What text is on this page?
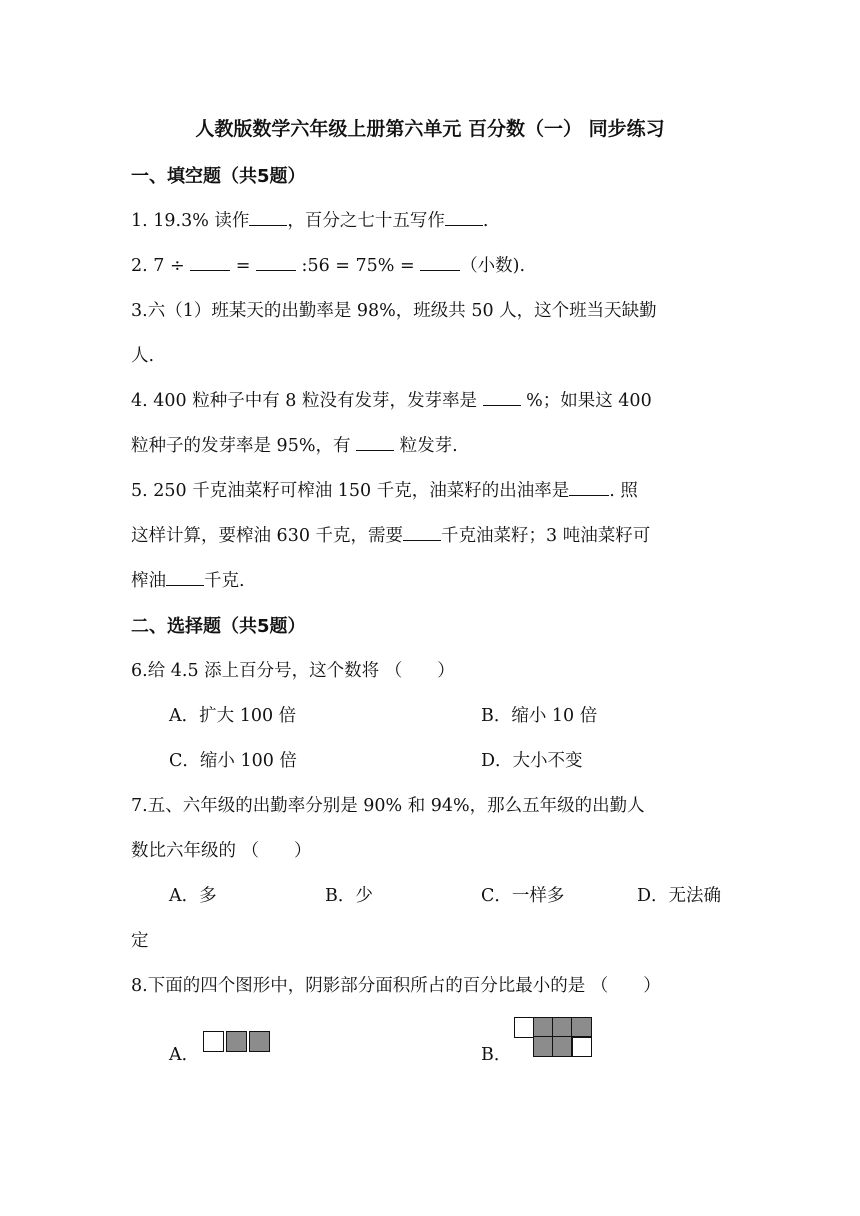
人教版数学六年级上册第六单元 百分数（一） 同步练习
一、填空题（共5题）
1. 19.3% 读作 ，百分之七十五写作 .
2. 7 ÷  =  :56 = 75% = （小数).
3.六（1）班某天的出勤率是 98%，班级共 50 人，这个班当天缺勤
人.
4. 400 粒种子中有 8 粒没有发芽，发芽率是  %；如果这 400
粒种子的发芽率是 95%，有  粒发芽.
5. 250 千克油菜籽可榨油 150 千克，油菜籽的出油率是 . 照
这样计算，要榨油 630 千克，需要 千克油菜籽；3 吨油菜籽可
榨油 千克.
二、选择题（共5题）
6.给 4.5 添上百分号，这个数将 （　　）
A．扩大 100 倍	B．缩小 10 倍
C．缩小 100 倍	D．大小不变
7.五、六年级的出勤率分别是 90% 和 94%，那么五年级的出勤人
数比六年级的 （　　）
A．多	B．少	C．一样多	D．无法确
定
8.下面的四个图形中，阴影部分面积所占的百分比最小的是 （　　）
A．	B．
